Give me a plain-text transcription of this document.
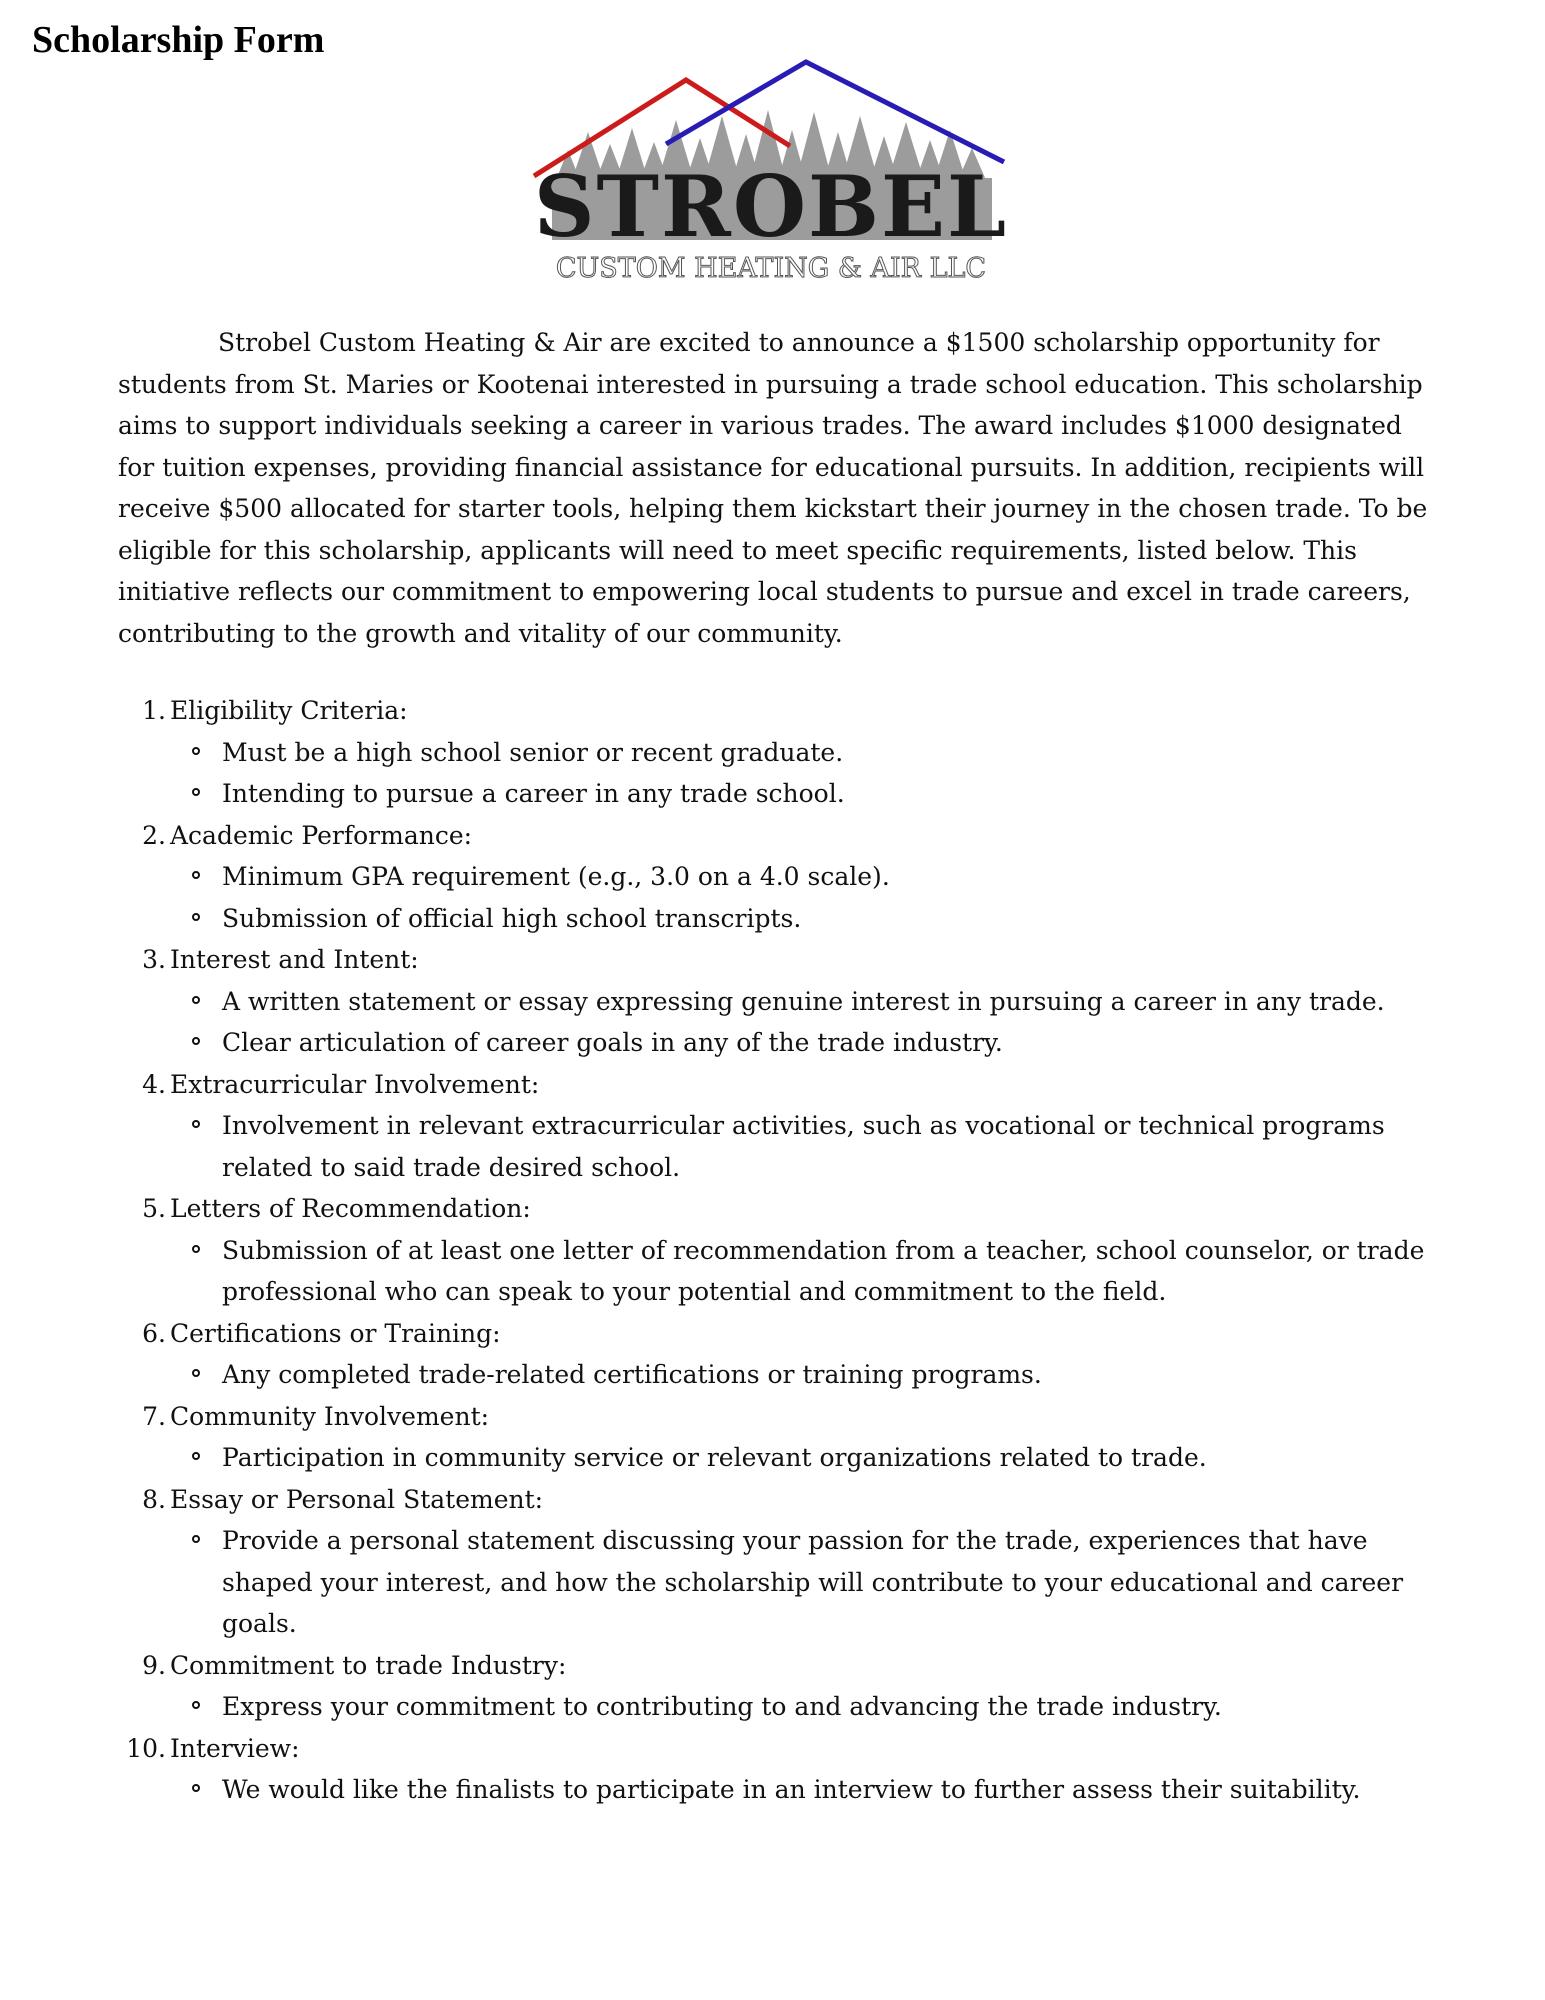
Scholarship Form
STROBEL
CUSTOM HEATING & AIR LLC

Strobel Custom Heating & Air are excited to announce a $1500 scholarship opportunity for students from St. Maries or Kootenai interested in pursuing a trade school education. This scholarship aims to support individuals seeking a career in various trades. The award includes $1000 designated for tuition expenses, providing financial assistance for educational pursuits. In addition, recipients will receive $500 allocated for starter tools, helping them kickstart their journey in the chosen trade. To be eligible for this scholarship, applicants will need to meet specific requirements, listed below. This initiative reflects our commitment to empowering local students to pursue and excel in trade careers, contributing to the growth and vitality of our community.

1. Eligibility Criteria:
Must be a high school senior or recent graduate.
Intending to pursue a career in any trade school.
2. Academic Performance:
Minimum GPA requirement (e.g., 3.0 on a 4.0 scale).
Submission of official high school transcripts.
3. Interest and Intent:
A written statement or essay expressing genuine interest in pursuing a career in any trade.
Clear articulation of career goals in any of the trade industry.
4. Extracurricular Involvement:
Involvement in relevant extracurricular activities, such as vocational or technical programs related to said trade desired school.
5. Letters of Recommendation:
Submission of at least one letter of recommendation from a teacher, school counselor, or trade professional who can speak to your potential and commitment to the field.
6. Certifications or Training:
Any completed trade-related certifications or training programs.
7. Community Involvement:
Participation in community service or relevant organizations related to trade.
8. Essay or Personal Statement:
Provide a personal statement discussing your passion for the trade, experiences that have shaped your interest, and how the scholarship will contribute to your educational and career goals.
9. Commitment to trade Industry:
Express your commitment to contributing to and advancing the trade industry.
10. Interview:
We would like the finalists to participate in an interview to further assess their suitability.
